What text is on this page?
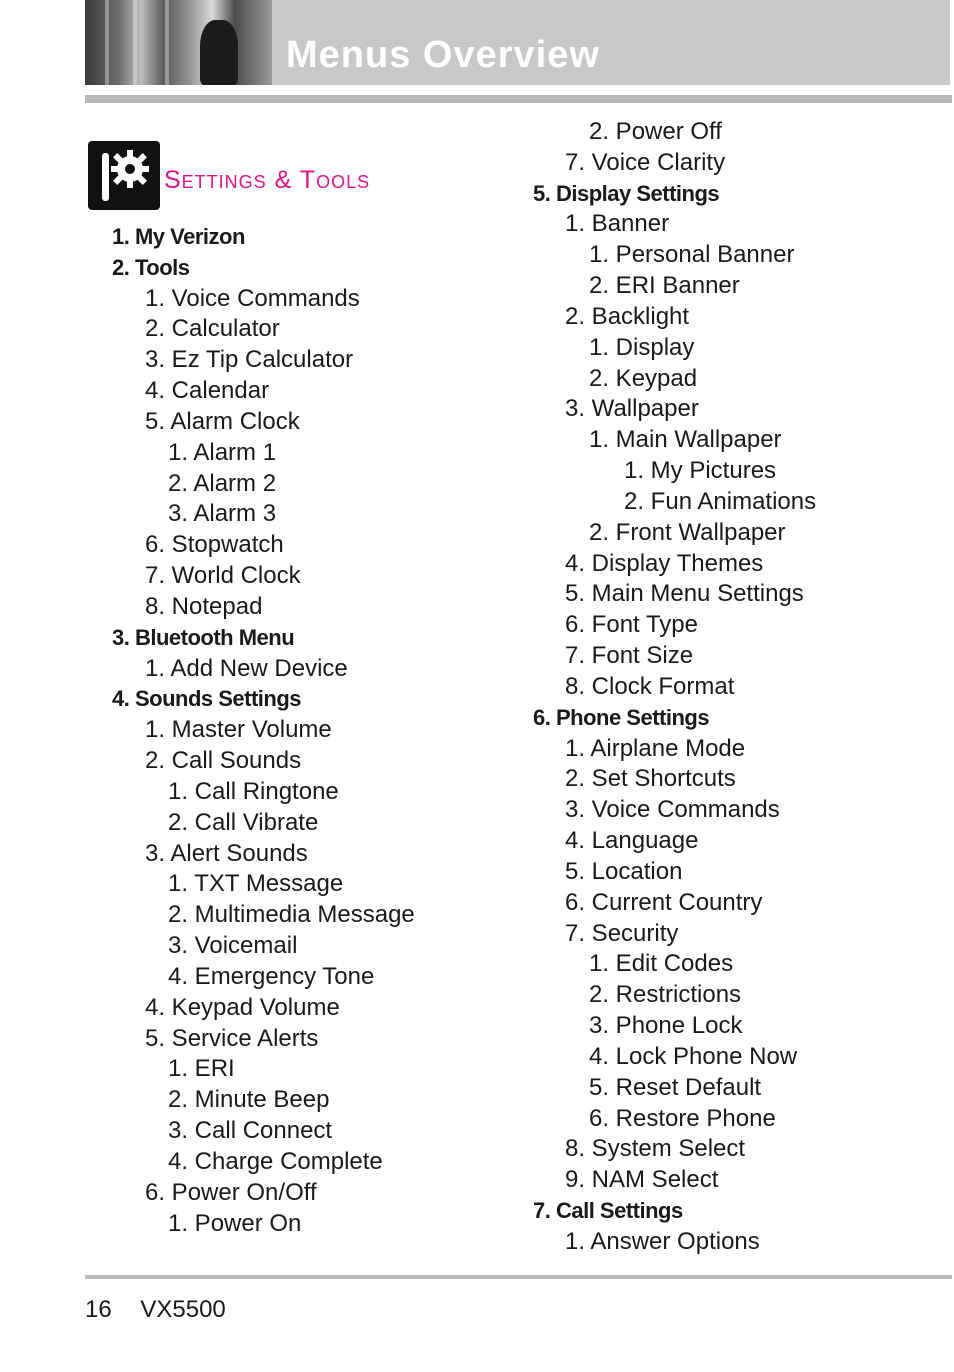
Menus Overview
Settings & Tools
1. My Verizon
2. Tools
1. Voice Commands
2. Calculator
3. Ez Tip Calculator
4. Calendar
5. Alarm Clock
1. Alarm 1
2. Alarm 2
3. Alarm 3
6. Stopwatch
7. World Clock
8. Notepad
3. Bluetooth Menu
1. Add New Device
4. Sounds Settings
1. Master Volume
2. Call Sounds
1. Call Ringtone
2. Call Vibrate
3. Alert Sounds
1. TXT Message
2. Multimedia Message
3. Voicemail
4. Emergency Tone
4. Keypad Volume
5. Service Alerts
1. ERI
2. Minute Beep
3. Call Connect
4. Charge Complete
6. Power On/Off
1. Power On
2. Power Off
7. Voice Clarity
5. Display Settings
1. Banner
1. Personal Banner
2. ERI Banner
2. Backlight
1. Display
2. Keypad
3. Wallpaper
1. Main Wallpaper
1. My Pictures
2. Fun Animations
2. Front Wallpaper
4. Display Themes
5. Main Menu Settings
6. Font Type
7. Font Size
8. Clock Format
6. Phone Settings
1. Airplane Mode
2. Set Shortcuts
3. Voice Commands
4. Language
5. Location
6. Current Country
7. Security
1. Edit Codes
2. Restrictions
3. Phone Lock
4. Lock Phone Now
5. Reset Default
6. Restore Phone
8. System Select
9. NAM Select
7. Call Settings
1. Answer Options
16 VX5500
